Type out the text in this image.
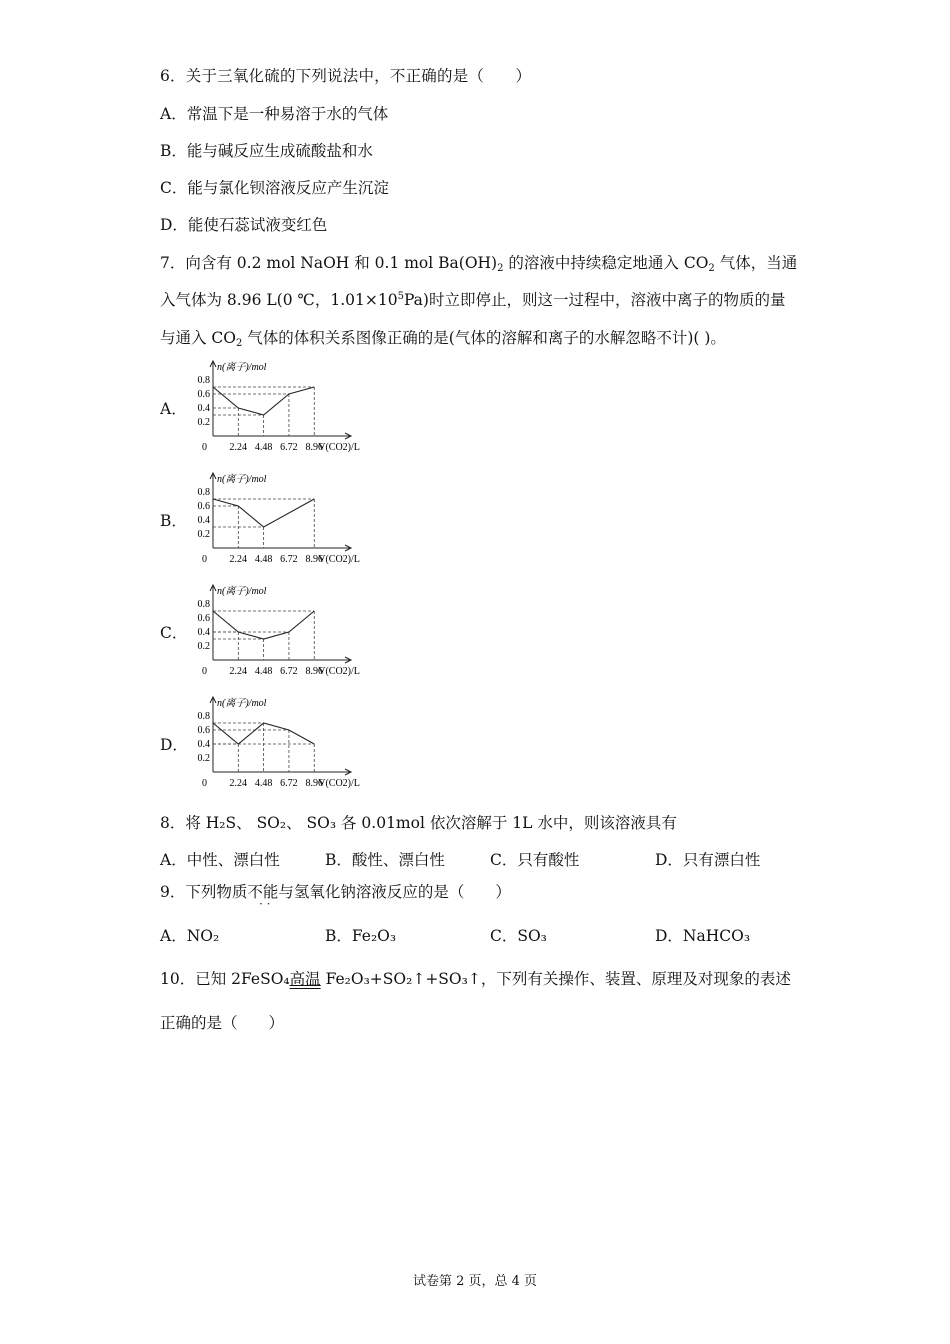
6．关于三氧化硫的下列说法中，不正确的是（　　）
A．常温下是一种易溶于水的气体
B．能与碱反应生成硫酸盐和水
C．能与氯化钡溶液反应产生沉淀
D．能使石蕊试液变红色
7．向含有 0.2 mol NaOH 和 0.1 mol $Ba(OH)_2$ 的溶液中持续稳定地通入 $CO_2$ 气体，当通
入气体为 8.96 L(0 ℃，$1.01\times 10^5Pa$)时立即停止，则这一过程中，溶液中离子的物质的量
与通入 $CO_2$ 气体的体积关系图像正确的是(气体的溶解和离子的水解忽略不计)( )。
A．
n(离子)/mol
V(CO2)/L
0.8
0.6
0.4
0.2
0 2.24 4.48 6.72 8.96
B．
n(离子)/mol
V(CO2)/L
0.8
0.6
0.4
0.2
0 2.24 4.48 6.72 8.96
C．
n(离子)/mol
V(CO2)/L
0.8
0.6
0.4
0.2
0 2.24 4.48 6.72 8.96
D．
n(离子)/mol
V(CO2)/L
0.8
0.6
0.4
0.2
0 2.24 4.48 6.72 8.96
8．将 H₂S、 SO₂、 SO₃ 各 0.01mol 依次溶解于 1L 水中，则该溶液具有
A．中性、漂白性	B．酸性、漂白性	C．只有酸性	D．只有漂白性
9．下列物质不能与氢氧化钠溶液反应的是（　　）
· ·
A．NO₂	B．Fe₂O₃	C．SO₃	D．NaHCO₃
10．已知 2FeSO₄高温 Fe₂O₃+SO₂↑+SO₃↑，下列有关操作、装置、原理及对现象的表述
正确的是（　　）
试卷第 2 页，总 4 页
